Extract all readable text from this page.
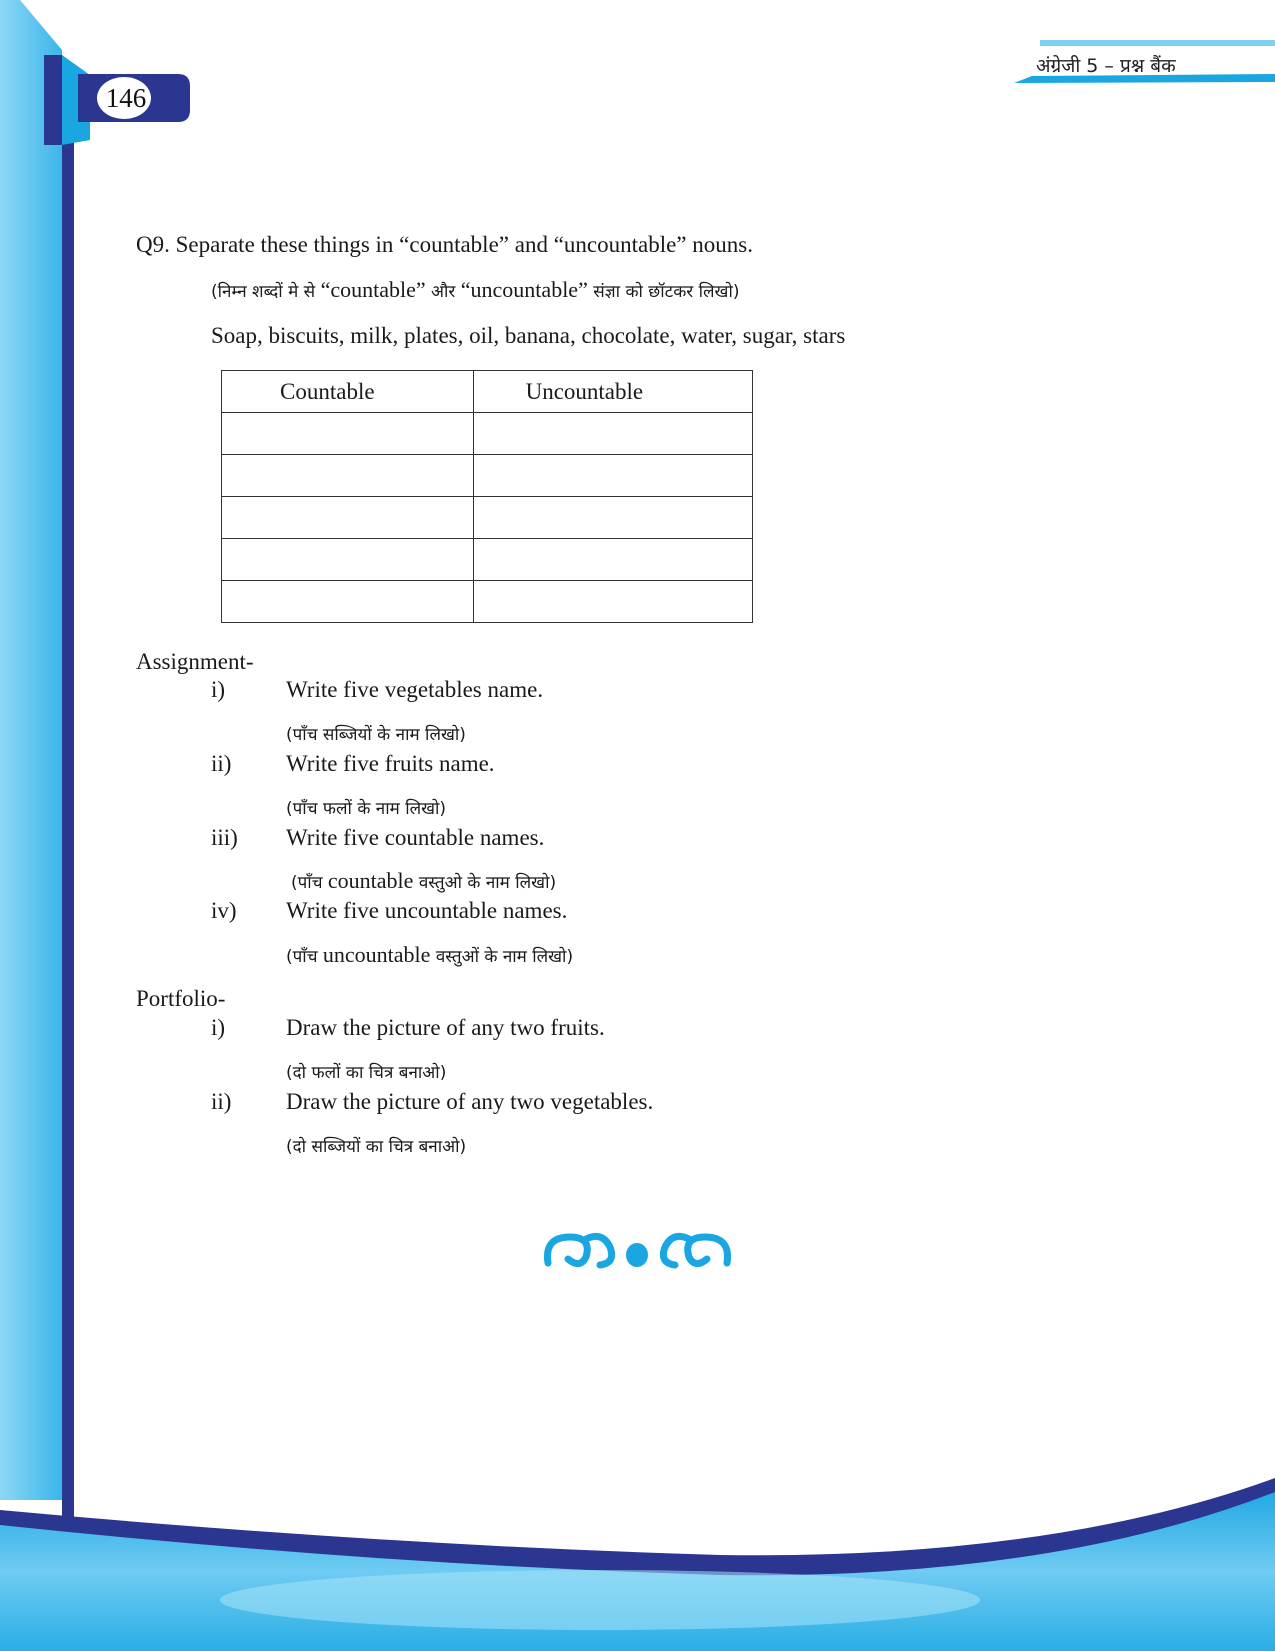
146
अंग्रेजी 5 – प्रश्न बैंक
Q9. Separate these things in “countable” and “uncountable” nouns.
(निम्न शब्दों मे से “countable” और “uncountable” संज्ञा को छॉटकर लिखो)
Soap, biscuits, milk, plates, oil, banana, chocolate, water, sugar, stars
Countable	Uncountable

Assignment-
i)	Write five vegetables name.
(पाँच सब्जियों के नाम लिखो)
ii) Write five fruits name.
(पाँच फलों के नाम लिखो)
iii) Write five countable names.
(पाँच countable वस्तुओ के नाम लिखो)
iv) Write five uncountable names.
(पाँच uncountable वस्तुओं के नाम लिखो)
Portfolio-
i)	Draw the picture of any two fruits.
(दो फलों का चित्र बनाओ)
ii) Draw the picture of any two vegetables.
(दो सब्जियों का चित्र बनाओ)
